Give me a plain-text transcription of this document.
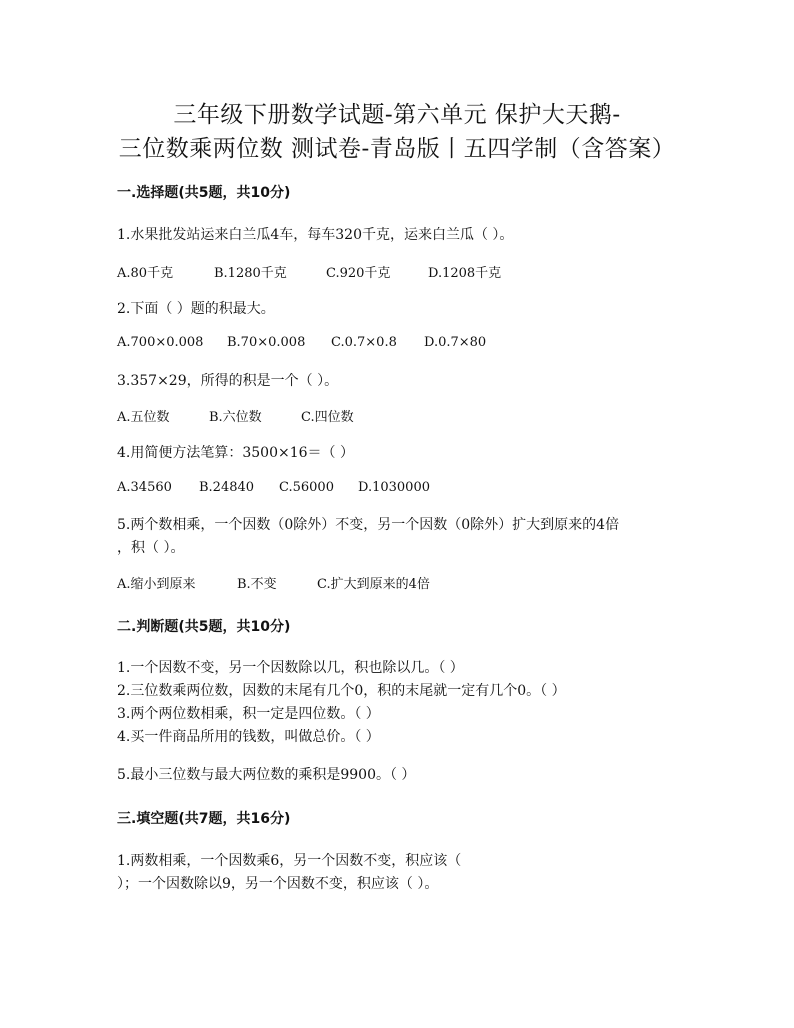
三年级下册数学试题-第六单元 保护大天鹅-
三位数乘两位数 测试卷-青岛版丨五四学制（含答案）
一.选择题(共5题，共10分)
1.水果批发站运来白兰瓜4车，每车320千克，运来白兰瓜（ ）。
A.80千克	B.1280千克	C.920千克	D.1208千克
2.下面（ ）题的积最大。
A.700×0.008	B.70×0.008	C.0.7×0.8	D.0.7×80
3.357×29，所得的积是一个（ ）。
A.五位数	B.六位数	C.四位数
4.用简便方法笔算：3500×16＝（ ）
A.34560	B.24840	C.56000	D.1030000
5.两个数相乘，一个因数（0除外）不变，另一个因数（0除外）扩大到原来的4倍
，积（ ）。
A.缩小到原来	B.不变	C.扩大到原来的4倍
二.判断题(共5题，共10分)
1.一个因数不变，另一个因数除以几，积也除以几。（ ）
2.三位数乘两位数，因数的末尾有几个0，积的末尾就一定有几个0。（ ）
3.两个两位数相乘，积一定是四位数。（ ）
4.买一件商品所用的钱数，叫做总价。（ ）
5.最小三位数与最大两位数的乘积是9900。（ ）
三.填空题(共7题，共16分)
1.两数相乘，一个因数乘6，另一个因数不变，积应该（
）；一个因数除以9，另一个因数不变，积应该（ ）。
